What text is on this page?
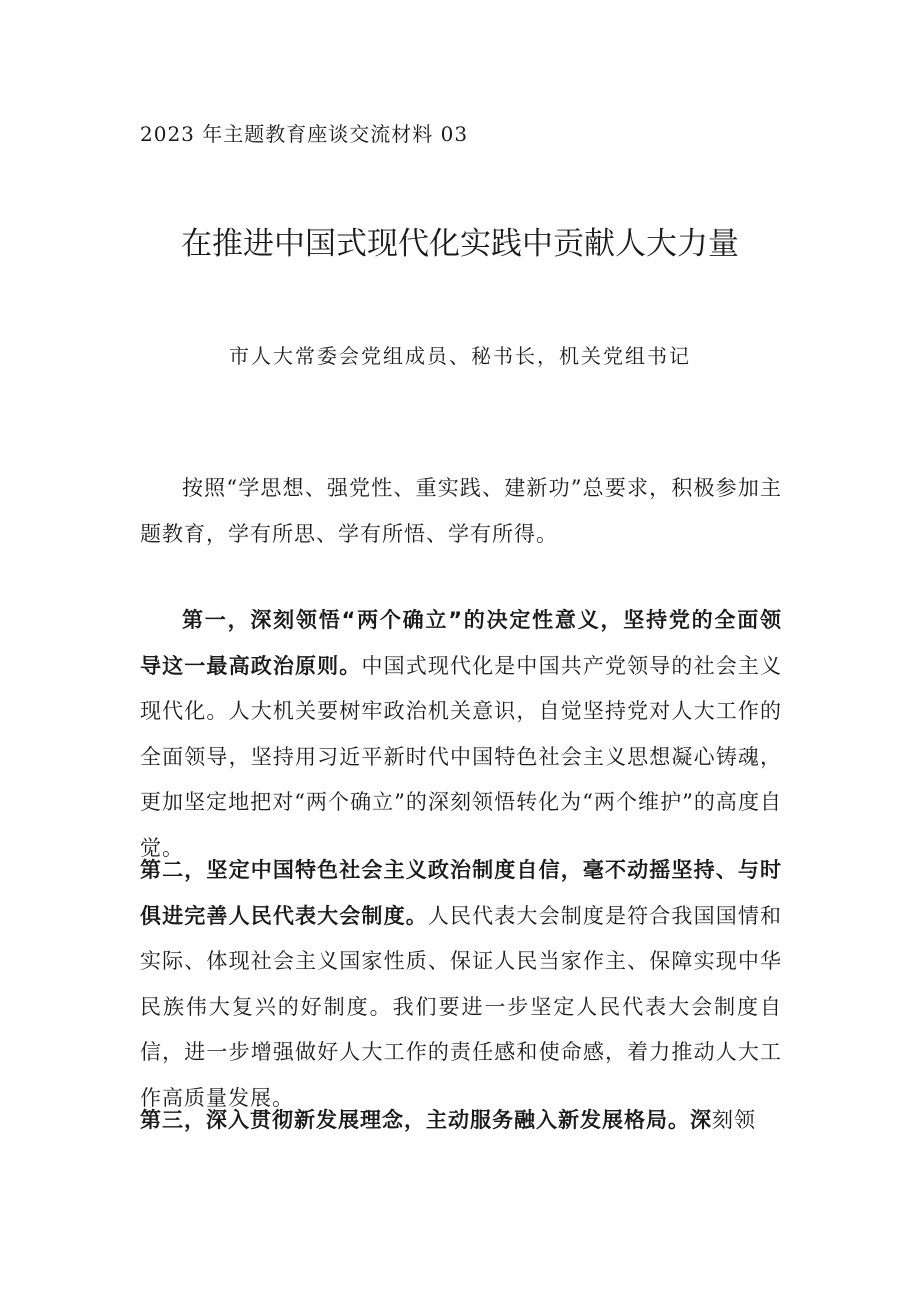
2023 年主题教育座谈交流材料 03
在推进中国式现代化实践中贡献人大力量
市人大常委会党组成员、秘书长，机关党组书记

按照“学思想、强党性、重实践、建新功”总要求，积极参加主题教育，学有所思、学有所悟、学有所得。

第一，深刻领悟“两个确立”的决定性意义，坚持党的全面领导这一最高政治原则。中国式现代化是中国共产党领导的社会主义现代化。人大机关要树牢政治机关意识，自觉坚持党对人大工作的全面领导，坚持用习近平新时代中国特色社会主义思想凝心铸魂，更加坚定地把对“两个确立”的深刻领悟转化为“两个维护”的高度自觉。

第二，坚定中国特色社会主义政治制度自信，毫不动摇坚持、与时俱进完善人民代表大会制度。人民代表大会制度是符合我国国情和实际、体现社会主义国家性质、保证人民当家作主、保障实现中华民族伟大复兴的好制度。我们要进一步坚定人民代表大会制度自信，进一步增强做好人大工作的责任感和使命感，着力推动人大工作高质量发展。

第三，深入贯彻新发展理念，主动服务融入新发展格局。深刻领
